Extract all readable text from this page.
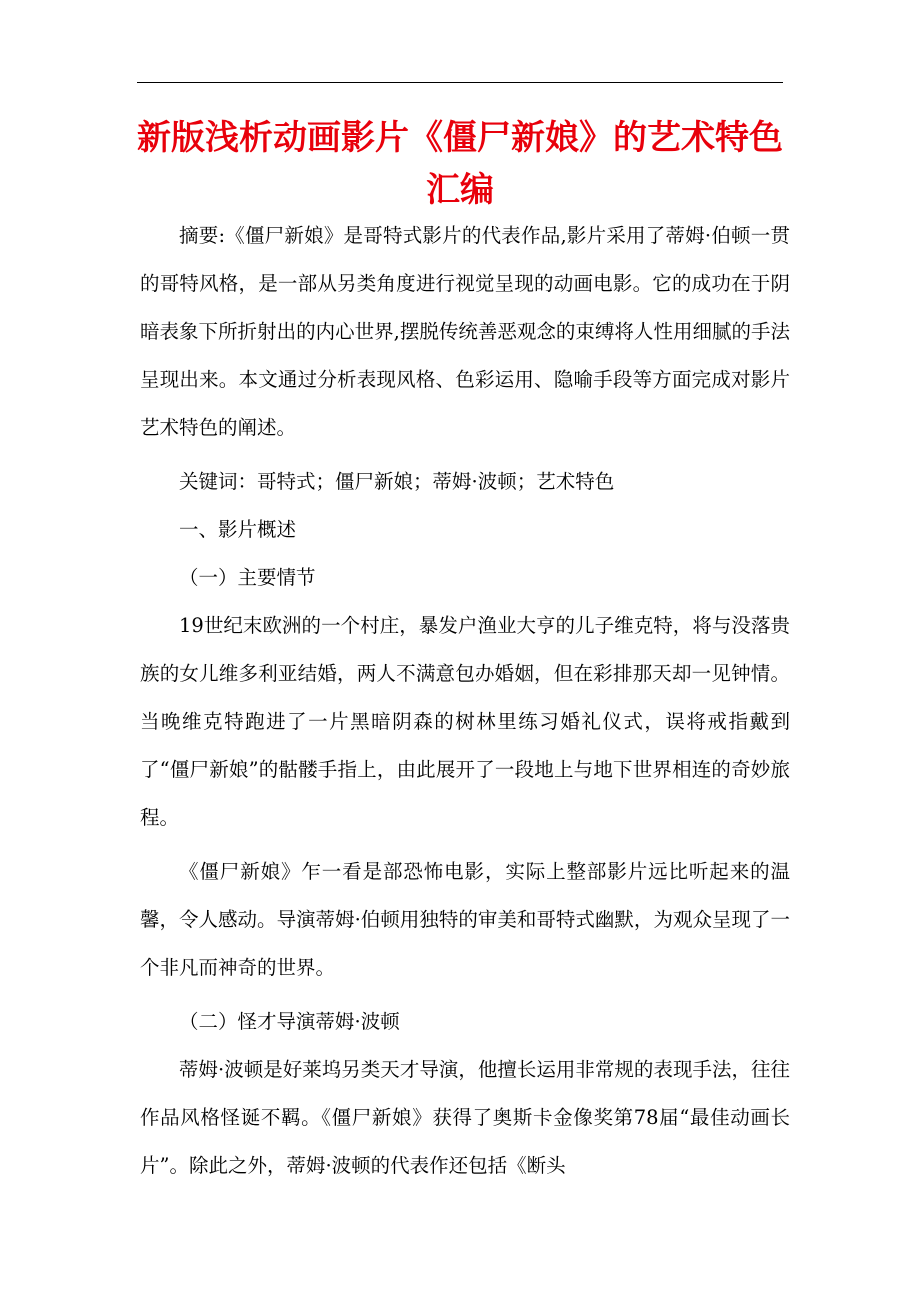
新版浅析动画影片《僵尸新娘》的艺术特色汇编

摘要:《僵尸新娘》是哥特式影片的代表作品,影片采用了蒂姆·伯顿一贯的哥特风格，是一部从另类角度进行视觉呈现的动画电影。它的成功在于阴暗表象下所折射出的内心世界,摆脱传统善恶观念的束缚将人性用细腻的手法呈现出来。本文通过分析表现风格、色彩运用、隐喻手段等方面完成对影片艺术特色的阐述。

关键词：哥特式；僵尸新娘；蒂姆·波顿；艺术特色

一、影片概述

（一）主要情节

19世纪末欧洲的一个村庄，暴发户渔业大亨的儿子维克特，将与没落贵族的女儿维多利亚结婚，两人不满意包办婚姻，但在彩排那天却一见钟情。当晚维克特跑进了一片黑暗阴森的树林里练习婚礼仪式，误将戒指戴到了“僵尸新娘”的骷髅手指上，由此展开了一段地上与地下世界相连的奇妙旅程。

《僵尸新娘》乍一看是部恐怖电影，实际上整部影片远比听起来的温馨，令人感动。导演蒂姆·伯顿用独特的审美和哥特式幽默，为观众呈现了一个非凡而神奇的世界。

（二）怪才导演蒂姆·波顿

蒂姆·波顿是好莱坞另类天才导演，他擅长运用非常规的表现手法，往往作品风格怪诞不羁。《僵尸新娘》获得了奥斯卡金像奖第78届“最佳动画长片”。除此之外，蒂姆·波顿的代表作还包括《断头
